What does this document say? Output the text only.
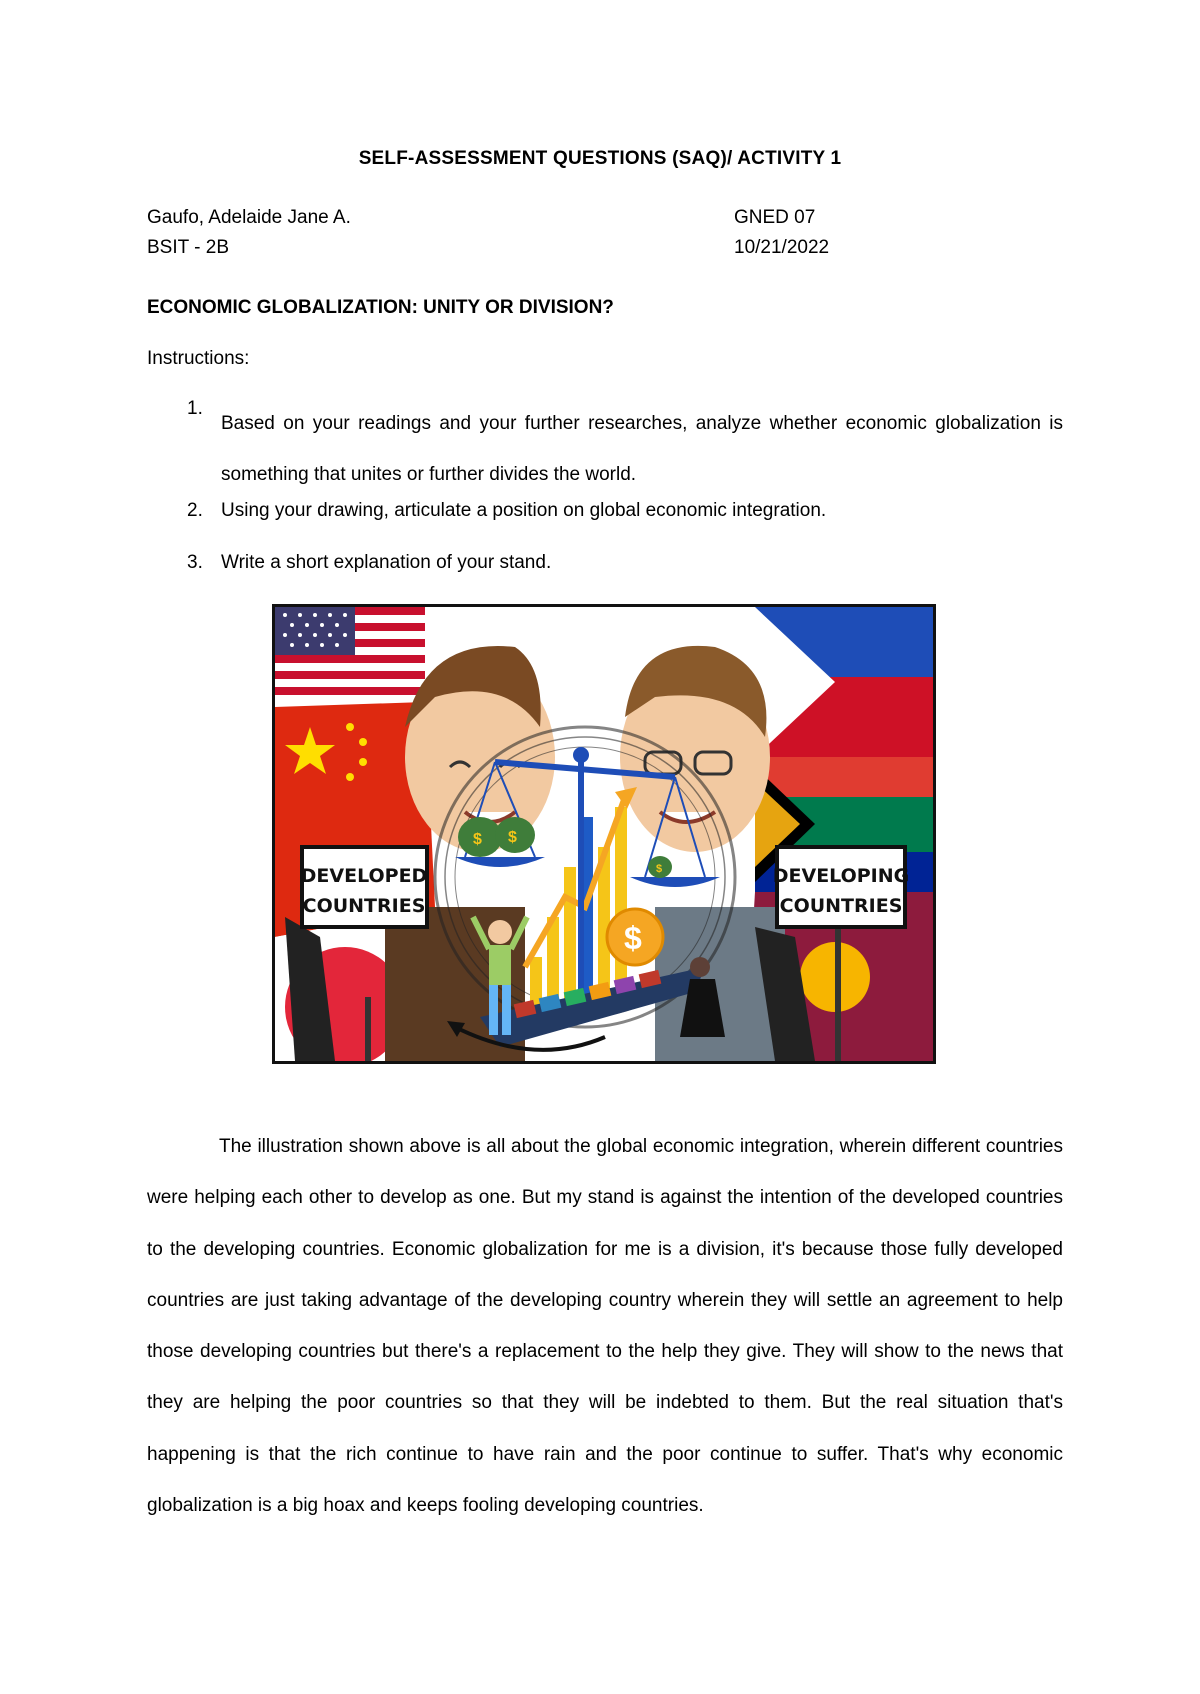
SELF-ASSESSMENT QUESTIONS (SAQ)/ ACTIVITY 1
Gaufo, Adelaide Jane A.
BSIT - 2B
GNED 07
10/21/2022
ECONOMIC GLOBALIZATION: UNITY OR DIVISION?
Instructions:
1.
Based on your readings and your further researches, analyze whether economic globalization is something that unites or further divides the world.
2. Using your drawing, articulate a position on global economic integration.
3. Write a short explanation of your stand.
$ $
$
$
DEVELOPED
COUNTRIES
DEVELOPING
COUNTRIES
The illustration shown above is all about the global economic integration, wherein different countries were helping each other to develop as one. But my stand is against the intention of the developed countries to the developing countries. Economic globalization for me is a division, it's because those fully developed countries are just taking advantage of the developing country wherein they will settle an agreement to help those developing countries but there's a replacement to the help they give. They will show to the news that they are helping the poor countries so that they will be indebted to them. But the real situation that's happening is that the rich continue to have rain and the poor continue to suffer. That's why economic globalization is a big hoax and keeps fooling developing countries.
